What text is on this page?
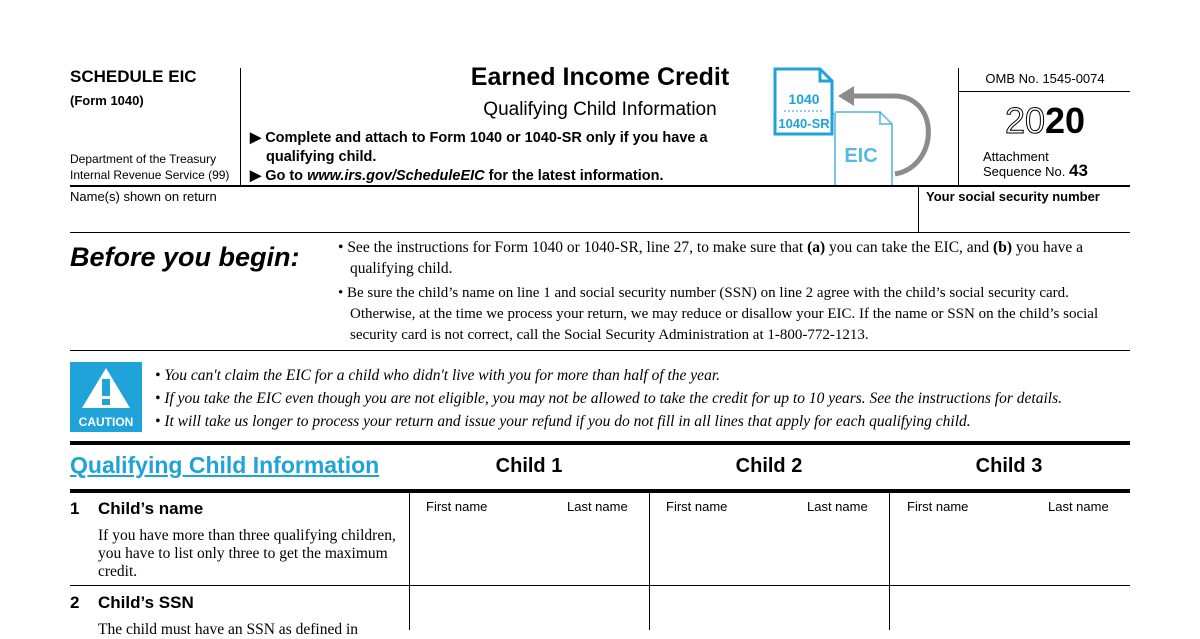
SCHEDULE EIC
(Form 1040)
Department of the Treasury
Internal Revenue Service (99)
Earned Income Credit
Qualifying Child Information
▶ Complete and attach to Form 1040 or 1040-SR only if you have a
qualifying child.
▶ Go to www.irs.gov/ScheduleEIC for the latest information.
1040
1040-SR
EIC
OMB No. 1545-0074
2020
Attachment
Sequence No. 43
Name(s) shown on return	Your social security number
Before you begin: • See the instructions for Form 1040 or 1040-SR, line 27, to make sure that (a) you can take the EIC, and (b) you have a qualifying child.
• Be sure the child’s name on line 1 and social security number (SSN) on line 2 agree with the child’s social security card. Otherwise, at the time we process your return, we may reduce or disallow your EIC. If the name or SSN on the child’s social security card is not correct, call the Social Security Administration at 1-800-772-1213.
CAUTION
• You can't claim the EIC for a child who didn't live with you for more than half of the year.
• If you take the EIC even though you are not eligible, you may not be allowed to take the credit for up to 10 years. See the instructions for details.
• It will take us longer to process your return and issue your refund if you do not fill in all lines that apply for each qualifying child.
Qualifying Child Information	Child 1	Child 2	Child 3
1 Child’s name
If you have more than three qualifying children, you have to list only three to get the maximum credit.
First name	Last name	First name	Last name	First name	Last name
2 Child’s SSN
The child must have an SSN as defined in
